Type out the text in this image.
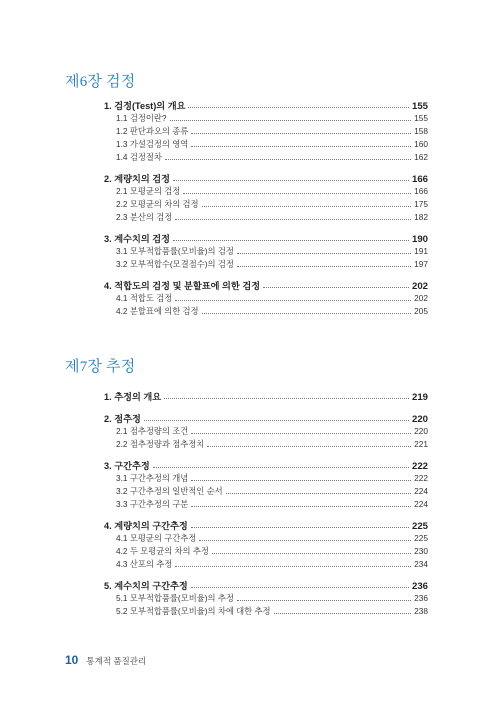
제6장 검정
1. 검정(Test)의 개요	155
1.1 검정이란?	155
1.2 판단과오의 종류	158
1.3 가설검정의 영역	160
1.4 검정절차	162
2. 계량치의 검정	166
2.1 모평균의 검정	166
2.2 모평균의 차의 검정	175
2.3 분산의 검정	182
3. 계수치의 검정	190
3.1 모부적합품률(모비율)의 검정	191
3.2 모부적합수(모결점수)의 검정	197
4. 적합도의 검정 및 분할표에 의한 검정	202
4.1 적합도 검정	202
4.2 분할표에 의한 검정	205
제7장 추정
1. 추정의 개요	219
2. 점추정	220
2.1 점추정량의 조건	220
2.2 점추정량과 점추정치	221
3. 구간추정	222
3.1 구간추정의 개념	222
3.2 구간추정의 일반적인 순서	224
3.3 구간추정의 구분	224
4. 계량치의 구간추정	225
4.1 모평균의 구간추정	225
4.2 두 모평균의 차의 추정	230
4.3 산포의 추정	234
5. 계수치의 구간추정	236
5.1 모부적합품률(모비율)의 추정	236
5.2 모부적합품률(모비율)의 차에 대한 추정	238
10 통계적 품질관리
